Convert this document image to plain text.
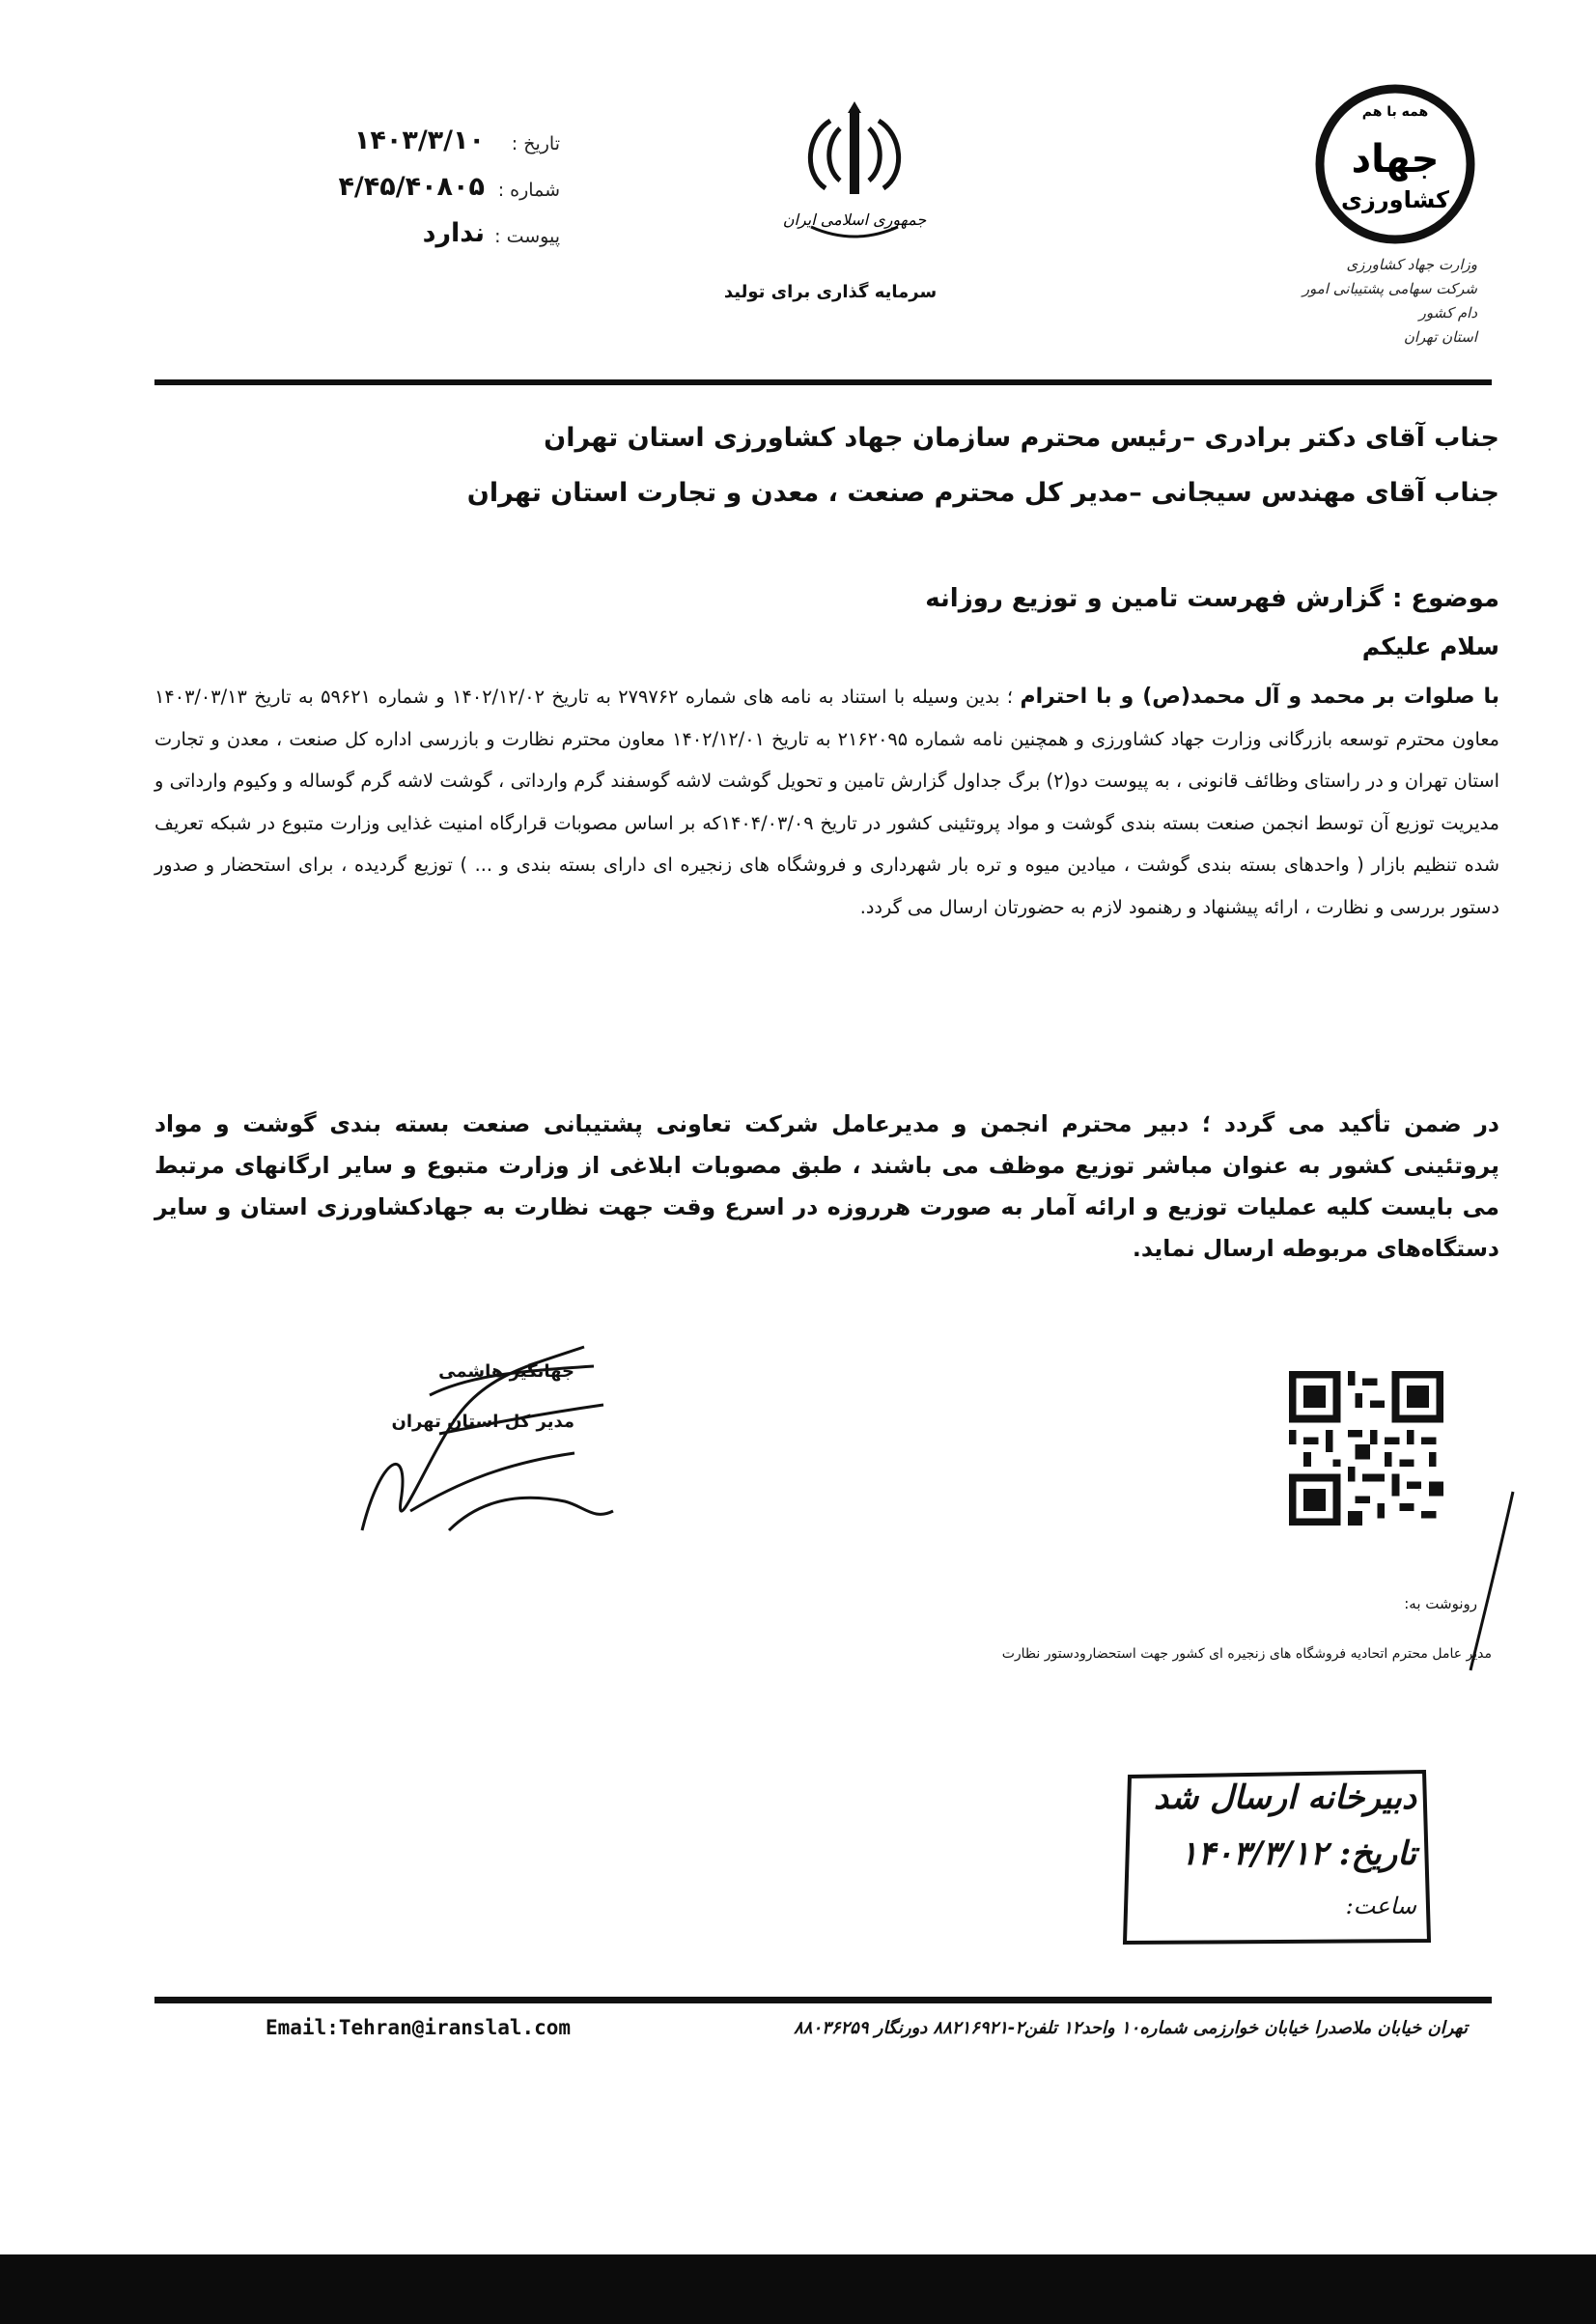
تاریخ :
۱۴۰۳/۳/۱۰
شماره :
۴/۴۵/۴۰۸۰۵
پیوست :
ندارد	جمهوری اسلامی ایران
سرمایه گذاری برای تولید
همه با هم
جهاد
کشاورزی
وزارت جهاد کشاورزی
شرکت سهامی پشتیبانی امور دام کشور
استان تهران
جناب آقای دکتر برادری –رئیس محترم سازمان جهاد کشاورزی استان تهران
جناب آقای مهندس سیجانی –مدیر کل محترم صنعت ، معدن و تجارت استان تهران
موضوع : گزارش فهرست تامین و توزیع روزانه
سلام علیکم
با صلوات بر محمد و آل محمد(ص) و با احترام ؛ بدین وسیله با استناد به نامه های شماره ۲۷۹۷۶۲ به تاریخ ۱۴۰۲/۱۲/۰۲ و شماره ۵۹۶۲۱ به تاریخ ۱۴۰۳/۰۳/۱۳ معاون محترم توسعه بازرگانی وزارت جهاد کشاورزی و همچنین نامه شماره ۲۱۶۲۰۹۵ به تاریخ ۱۴۰۲/۱۲/۰۱ معاون محترم نظارت و بازرسی اداره کل صنعت ، معدن و تجارت استان تهران و در راستای وظائف قانونی ، به پیوست دو(۲) برگ جداول گزارش تامین و تحویل گوشت لاشه گوسفند گرم وارداتی ، گوشت لاشه گرم گوساله و وکیوم وارداتی و مدیریت توزیع آن توسط انجمن صنعت بسته بندی گوشت و مواد پروتئینی کشور در تاریخ ۱۴۰۴/۰۳/۰۹که بر اساس مصوبات قرارگاه امنیت غذایی وزارت متبوع در شبکه تعریف شده تنظیم بازار ( واحدهای بسته بندی گوشت ، میادین میوه و تره بار شهرداری و فروشگاه های زنجیره ای دارای بسته بندی و ... ) توزیع گردیده ، برای استحضار و صدور دستور بررسی و نظارت ، ارائه پیشنهاد و رهنمود لازم به حضورتان ارسال می گردد.
در ضمن تأکید می گردد ؛ دبیر محترم انجمن و مدیرعامل شرکت تعاونی پشتیبانی صنعت بسته بندی گوشت و مواد پروتئینی کشور به عنوان مباشر توزیع موظف می باشند ، طبق مصوبات ابلاغی از وزارت متبوع و سایر ارگانهای مرتبط می بایست کلیه عملیات توزیع و ارائه آمار به صورت هرروزه در اسرع وقت جهت نظارت به جهادکشاورزی استان و سایر دستگاه‌های مربوطه ارسال نماید.
جهانگیر هاشمی
مدیر کل استان تهران
رونوشت به:
مدیر عامل محترم اتحادیه فروشگاه های زنجیره ای کشور جهت استحضارودستور نظارت
دبیرخانه ارسال شد
تاریخ: ۱۴۰۳/۳/۱۲
ساعت:
Email:Tehran@iranslal.com	تهران خیابان ملاصدرا خیابان خوارزمی شماره۱۰ واحد۱۲ تلفن۲-۸۸۲۱۶۹۲۱ دورنگار ۸۸۰۳۶۲۵۹
